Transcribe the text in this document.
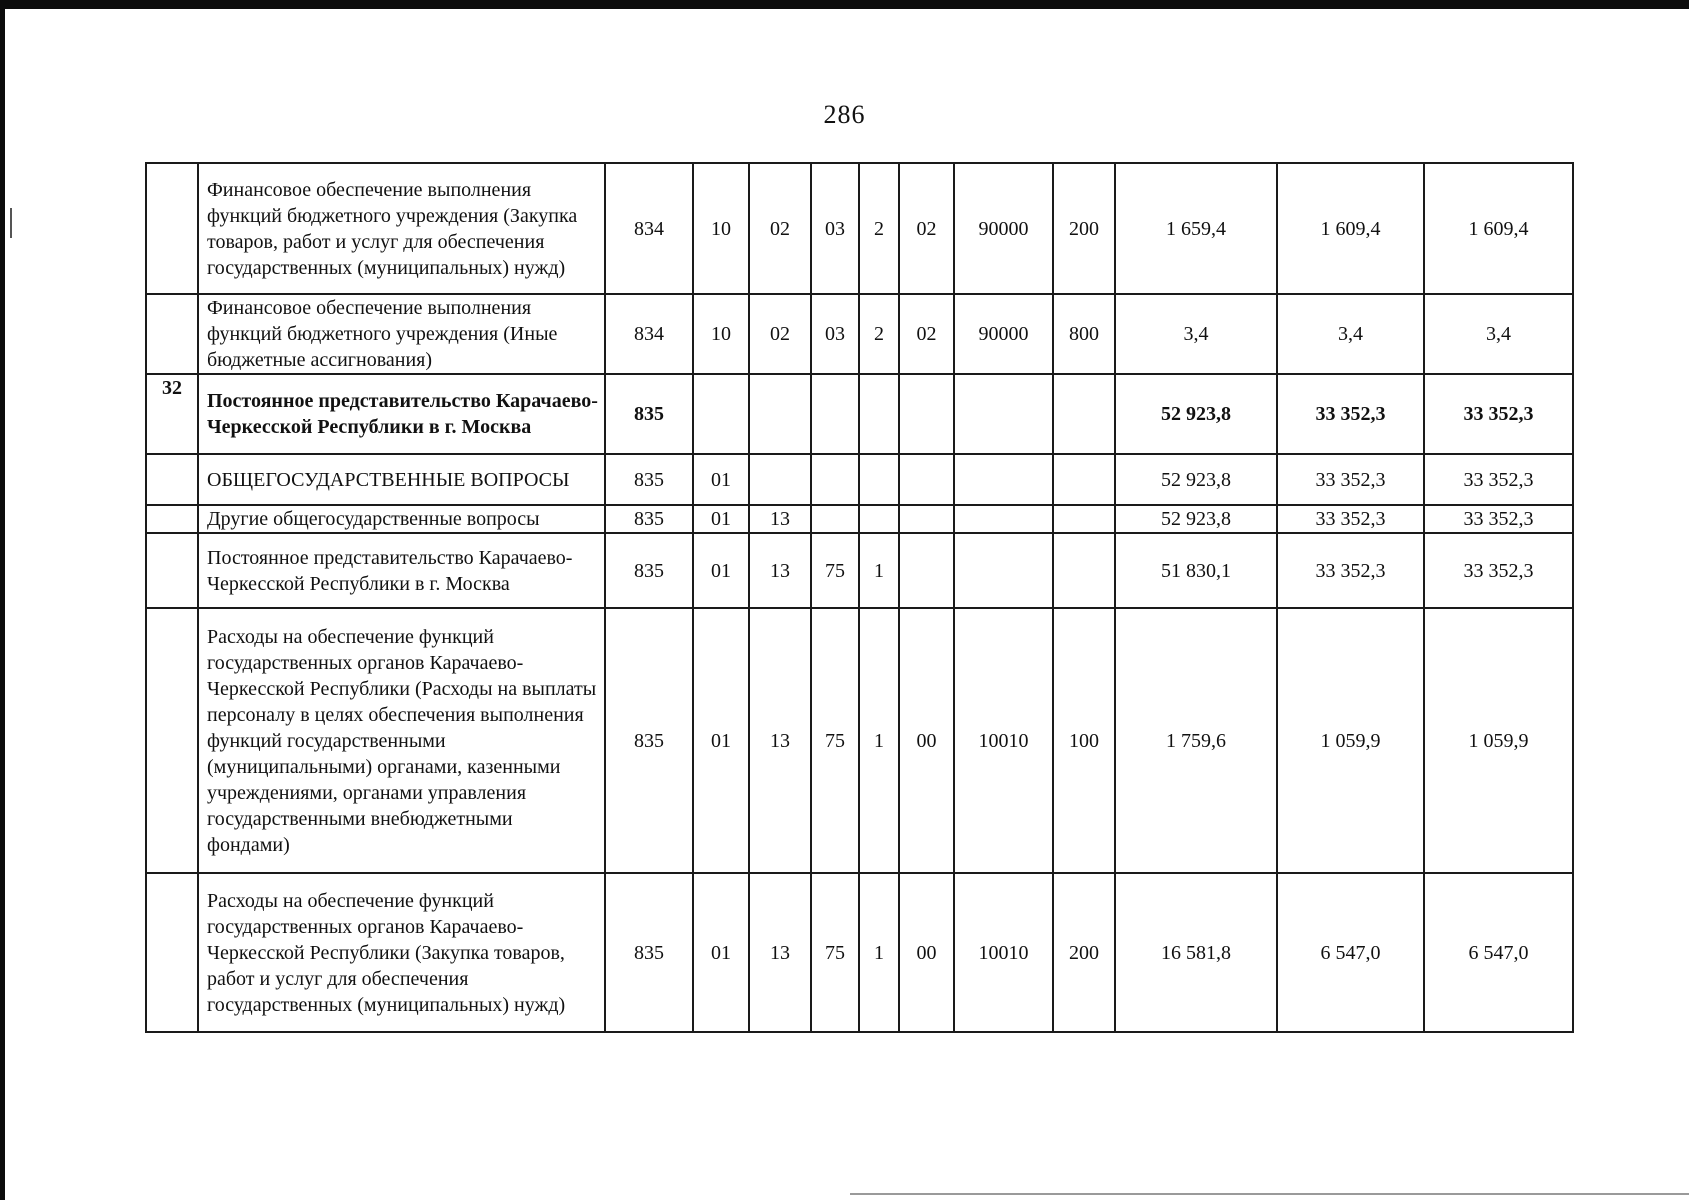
286
	Финансовое обеспечение выполнения функций бюджетного учреждения (Закупка товаров, работ и услуг для обеспечения государственных (муниципальных) нужд)	834	10	02	03	2	02	90000	200	1 659,4	1 609,4	1 609,4
	Финансовое обеспечение выполнения функций бюджетного учреждения (Иные бюджетные ассигнования)	834	10	02	03	2	02	90000	800	3,4	3,4	3,4
32	Постоянное представительство Карачаево-Черкесской Республики в г. Москва	835								52 923,8	33 352,3	33 352,3
	ОБЩЕГОСУДАРСТВЕННЫЕ ВОПРОСЫ	835	01							52 923,8	33 352,3	33 352,3
	Другие общегосударственные вопросы	835	01	13						52 923,8	33 352,3	33 352,3
	Постоянное представительство Карачаево-Черкесской Республики в г. Москва	835	01	13	75	1				51 830,1	33 352,3	33 352,3
	Расходы на обеспечение функций государственных органов Карачаево-Черкесской Республики (Расходы на выплаты персоналу в целях обеспечения выполнения функций государственными (муниципальными) органами, казенными учреждениями, органами управления государственными внебюджетными фондами)	835	01	13	75	1	00	10010	100	1 759,6	1 059,9	1 059,9
	Расходы на обеспечение функций государственных органов Карачаево-Черкесской Республики (Закупка товаров, работ и услуг для обеспечения государственных (муниципальных) нужд)	835	01	13	75	1	00	10010	200	16 581,8	6 547,0	6 547,0
